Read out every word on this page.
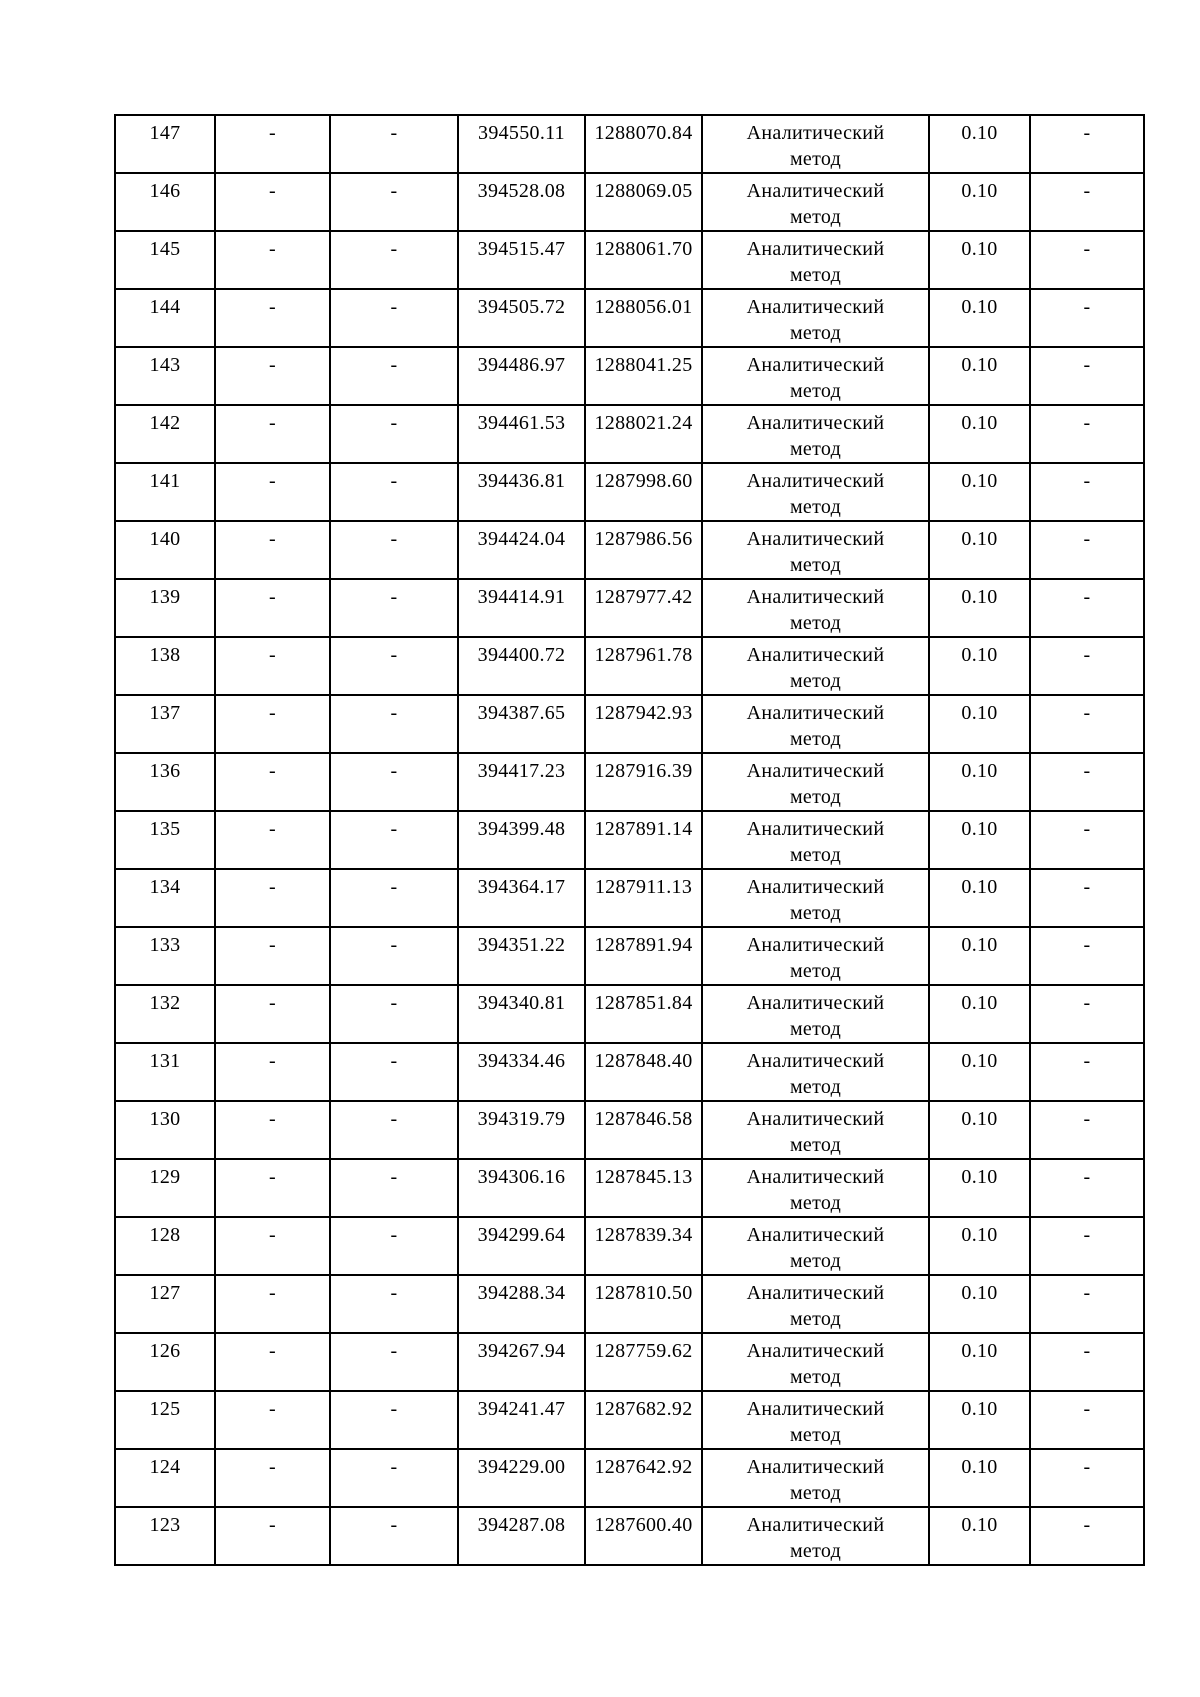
147	-	-	394550.11	1288070.84	Аналитический метод	0.10	-
146	-	-	394528.08	1288069.05	Аналитический метод	0.10	-
145	-	-	394515.47	1288061.70	Аналитический метод	0.10	-
144	-	-	394505.72	1288056.01	Аналитический метод	0.10	-
143	-	-	394486.97	1288041.25	Аналитический метод	0.10	-
142	-	-	394461.53	1288021.24	Аналитический метод	0.10	-
141	-	-	394436.81	1287998.60	Аналитический метод	0.10	-
140	-	-	394424.04	1287986.56	Аналитический метод	0.10	-
139	-	-	394414.91	1287977.42	Аналитический метод	0.10	-
138	-	-	394400.72	1287961.78	Аналитический метод	0.10	-
137	-	-	394387.65	1287942.93	Аналитический метод	0.10	-
136	-	-	394417.23	1287916.39	Аналитический метод	0.10	-
135	-	-	394399.48	1287891.14	Аналитический метод	0.10	-
134	-	-	394364.17	1287911.13	Аналитический метод	0.10	-
133	-	-	394351.22	1287891.94	Аналитический метод	0.10	-
132	-	-	394340.81	1287851.84	Аналитический метод	0.10	-
131	-	-	394334.46	1287848.40	Аналитический метод	0.10	-
130	-	-	394319.79	1287846.58	Аналитический метод	0.10	-
129	-	-	394306.16	1287845.13	Аналитический метод	0.10	-
128	-	-	394299.64	1287839.34	Аналитический метод	0.10	-
127	-	-	394288.34	1287810.50	Аналитический метод	0.10	-
126	-	-	394267.94	1287759.62	Аналитический метод	0.10	-
125	-	-	394241.47	1287682.92	Аналитический метод	0.10	-
124	-	-	394229.00	1287642.92	Аналитический метод	0.10	-
123	-	-	394287.08	1287600.40	Аналитический метод	0.10	-
